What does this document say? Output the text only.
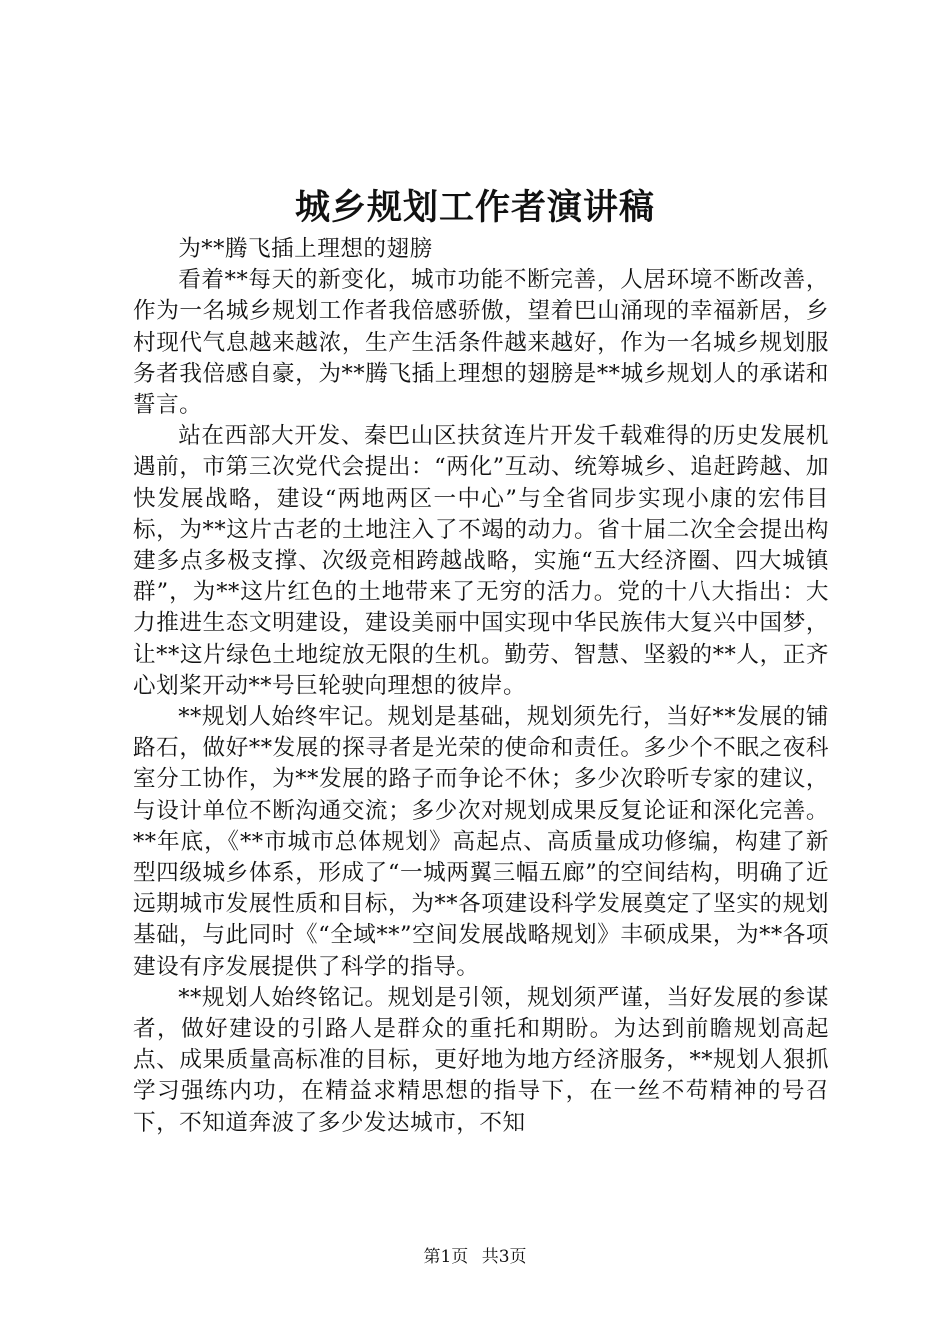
城乡规划工作者演讲稿

为**腾飞插上理想的翅膀

看着**每天的新变化，城市功能不断完善，人居环境不断改善，作为一名城乡规划工作者我倍感骄傲，望着巴山涌现的幸福新居，乡村现代气息越来越浓，生产生活条件越来越好，作为一名城乡规划服务者我倍感自豪，为**腾飞插上理想的翅膀是**城乡规划人的承诺和誓言。

站在西部大开发、秦巴山区扶贫连片开发千载难得的历史发展机遇前，市第三次党代会提出：“两化”互动、统筹城乡、追赶跨越、加快发展战略，建设“两地两区一中心”与全省同步实现小康的宏伟目标，为**这片古老的土地注入了不竭的动力。省十届二次全会提出构建多点多极支撑、次级竞相跨越战略，实施“五大经济圈、四大城镇群”，为**这片红色的土地带来了无穷的活力。党的十八大指出：大力推进生态文明建设，建设美丽中国实现中华民族伟大复兴中国梦，让**这片绿色土地绽放无限的生机。勤劳、智慧、坚毅的**人，正齐心划桨开动**号巨轮驶向理想的彼岸。

**规划人始终牢记。规划是基础，规划须先行，当好**发展的铺路石，做好**发展的探寻者是光荣的使命和责任。多少个不眠之夜科室分工协作，为**发展的路子而争论不休；多少次聆听专家的建议，与设计单位不断沟通交流；多少次对规划成果反复论证和深化完善。**年底，《**市城市总体规划》高起点、高质量成功修编，构建了新型四级城乡体系，形成了“一城两翼三幅五廊”的空间结构，明确了近远期城市发展性质和目标，为**各项建设科学发展奠定了坚实的规划基础，与此同时《“全域**”空间发展战略规划》丰硕成果，为**各项建设有序发展提供了科学的指导。

**规划人始终铭记。规划是引领，规划须严谨，当好发展的参谋者，做好建设的引路人是群众的重托和期盼。为达到前瞻规划高起点、成果质量高标准的目标，更好地为地方经济服务，**规划人狠抓学习强练内功，在精益求精思想的指导下，在一丝不苟精神的号召下，不知道奔波了多少发达城市，不知

第1页 共3页
